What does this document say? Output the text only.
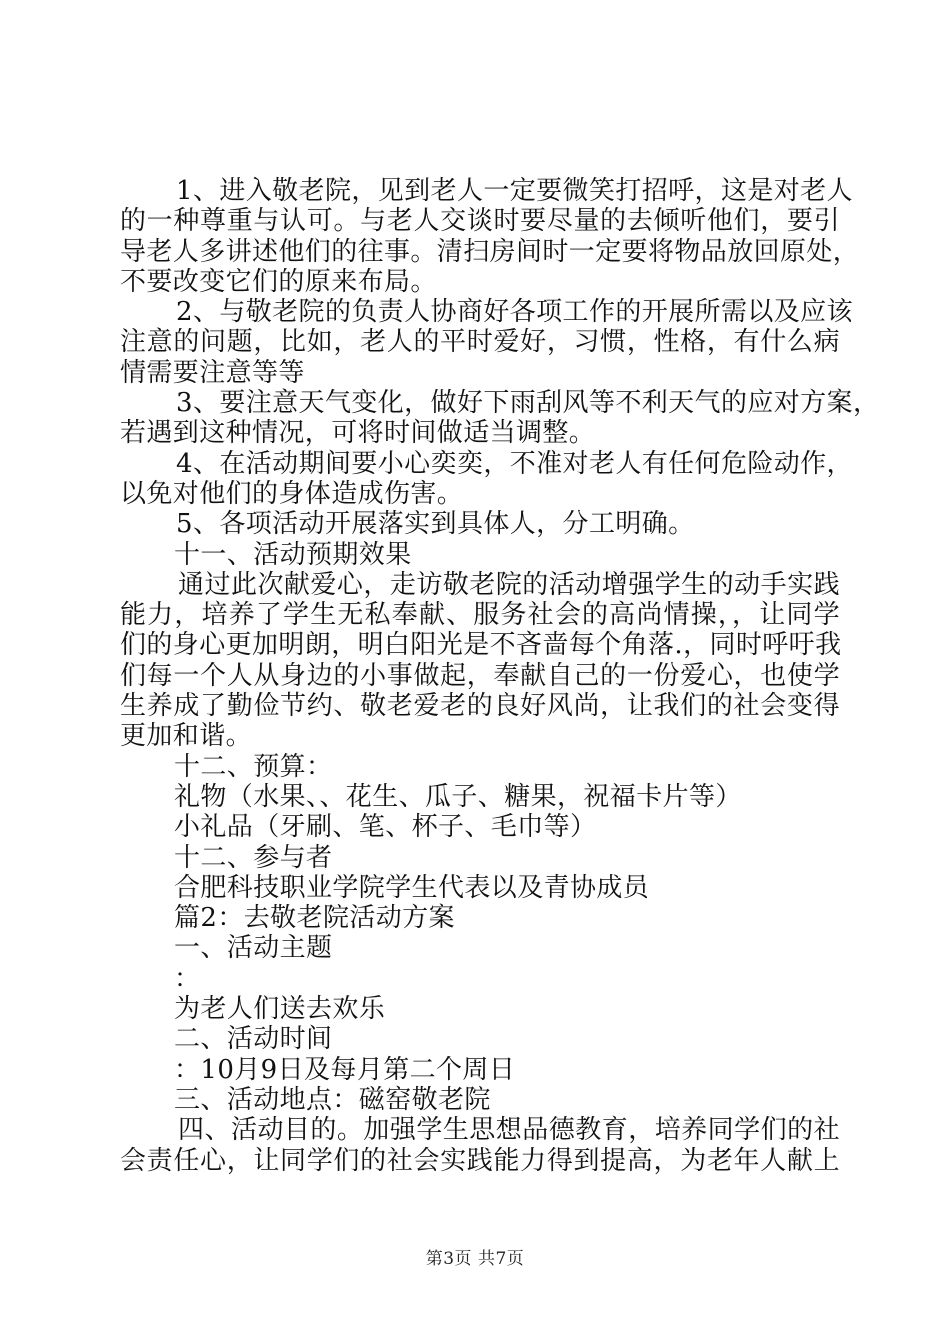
1、进入敬老院，见到老人一定要微笑打招呼，这是对老人
的一种尊重与认可。与老人交谈时要尽量的去倾听他们，要引
导老人多讲述他们的往事。清扫房间时一定要将物品放回原处，
不要改变它们的原来布局。
2、与敬老院的负责人协商好各项工作的开展所需以及应该
注意的问题，比如，老人的平时爱好，习惯，性格，有什么病
情需要注意等等
3、要注意天气变化，做好下雨刮风等不利天气的应对方案，
若遇到这种情况，可将时间做适当调整。
4、在活动期间要小心奕奕，不准对老人有任何危险动作，
以免对他们的身体造成伤害。
5、各项活动开展落实到具体人，分工明确。
十一、活动预期效果
通过此次献爱心，走访敬老院的活动增强学生的动手实践
能力，培养了学生无私奉献、服务社会的高尚情操，，让同学
们的身心更加明朗，明白阳光是不吝啬每个角落.，同时呼吁我
们每一个人从身边的小事做起，奉献自己的一份爱心，也使学
生养成了勤俭节约、敬老爱老的良好风尚，让我们的社会变得
更加和谐。
十二、预算：
礼物（水果、、花生、瓜子、糖果，祝福卡片等）
小礼品（牙刷、笔、杯子、毛巾等）
十二、参与者
合肥科技职业学院学生代表以及青协成员
篇2：去敬老院活动方案
一、活动主题
：
为老人们送去欢乐
二、活动时间
：10月9日及每月第二个周日
三、活动地点：磁窑敬老院
四、活动目的。加强学生思想品德教育，培养同学们的社
会责任心，让同学们的社会实践能力得到提高，为老年人献上
第3页 共7页
